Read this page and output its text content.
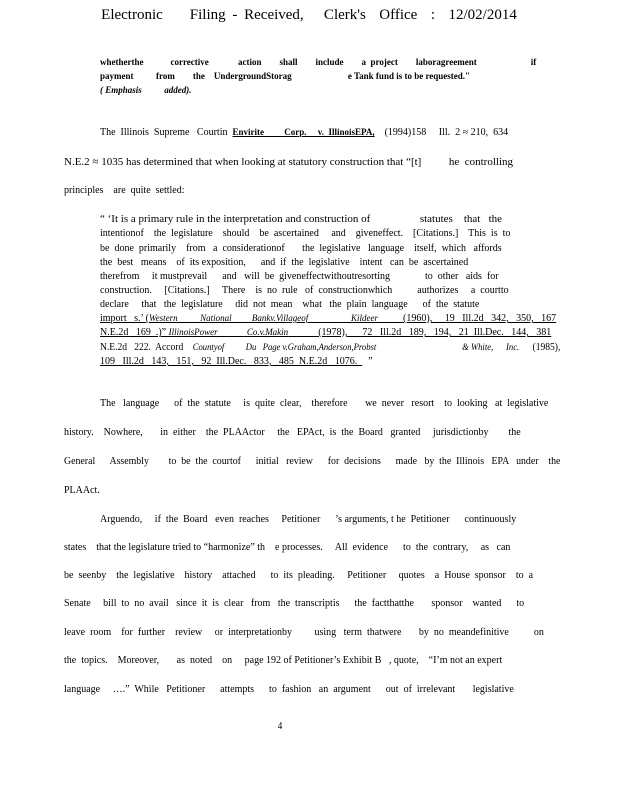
Electronic    Filing - Received,   Clerk's  Office  :  12/02/2014
whetherthe            corrective             action        shall        include        a  project        laboragreement                        if
payment          from        the    UndergroundStorag                         e Tank fund is to be requested."
( Emphasis          added).
The  Illinois  Supreme   Courtin  Envirite         Corp.     v.  IllinoisEPA,    (1994)158     Ill.  2 ≈ 210,  634
N.E.2 ≈ 1035 has determined that when looking at statutory construction that “[t]          he  controlling
principles    are  quite  settled:
“ ‘It is a primary rule in the interpretation and construction of                  statutes    that   the
intentionof    the  legislature    should    be  ascertained     and    giveneffect.    [Citations.]    This  is  to
be  done  primarily    from   a  considerationof       the  legislative   language    itself,  which   affords
the  best   means    of  its exposition,      and  if  the  legislative    intent   can  be  ascertained
therefrom     it mustprevail      and   will  be  giveneffectwithoutresorting              to  other   aids  for
construction.     [Citations.]     There    is  no  rule   of  constructionwhich          authorizes     a  courtto
declare     that   the  legislature     did  not  mean    what   the  plain  language      of  the  statute
import   s.’ (Western          National         Bankv.Villageof                   Kildeer          (1960),     19   Ill.2d   342,   350,   167
N.E.2d   169  .)” IllinoisPower             Co.v.Makin            (1978),      72   Ill.2d   189,   194,   21  Ill.Dec.   144,   381
N.E.2d   222.  Accord    Countyof          Du   Page v.Graham,Anderson,Probst	& White,      Inc. (1985),
109   Ill.2d   143,   151,   92  Ill.Dec.   833,   485  N.E.2d   1076.  ”
The   language      of  the  statute     is  quite  clear,    therefore       we  never   resort    to  looking   at  legislative
history.    Nowhere,       in  either    the  PLAActor     the   EPAct,  is  the  Board   granted     jurisdictionby        the
General      Assembly        to  be  the  courtof      initial   review      for  decisions      made   by  the  Illinois   EPA   under    the
PLAAct.
Arguendo,     if  the  Board   even  reaches     Petitioner      ’s arguments, t he  Petitioner      continuously
states    that the legislature tried to “harmonize” th    e processes.     All  evidence      to  the  contrary,     as   can
be  seenby    the  legislative    history    attached      to  its  pleading.     Petitioner     quotes    a  House  sponsor    to  a
Senate     bill  to  no  avail   since  it  is  clear   from   the  transcriptis      the  factthatthe       sponsor    wanted      to
leave  room    for  further    review     or  interpretationby         using   term  thatwere       by  no  meandefinitive          on
the  topics.    Moreover,       as  noted    on     page 192 of Petitioner’s Exhibit B   , quote,    “I’m not an expert
language     ….”  While   Petitioner      attempts      to  fashion   an  argument      out  of  irrelevant       legislative
4
